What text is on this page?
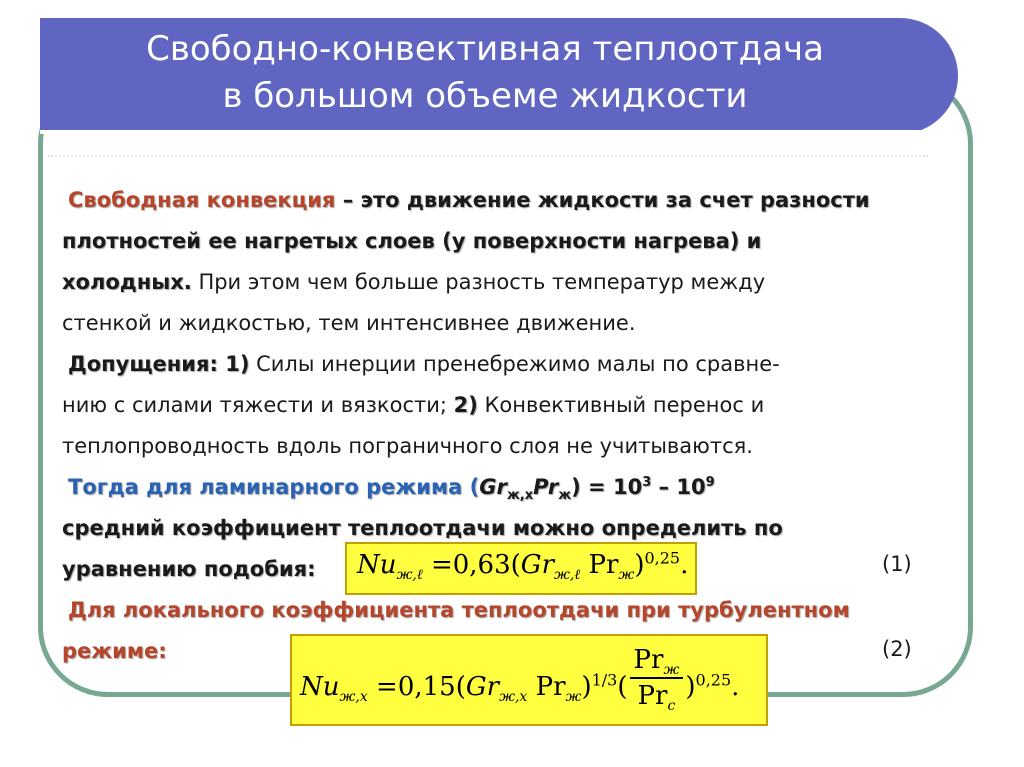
Свободно-конвективная теплоотдача
в большом объеме жидкости
Свободная конвекция – это движение жидкости за счет разности
плотностей ее нагретых слоев (у поверхности нагрева) и
холодных. При этом чем больше разность температур между
стенкой и жидкостью, тем интенсивнее движение.
Допущения: 1) Силы инерции пренебрежимо малы по сравне-
нию с силами тяжести и вязкости; 2) Конвективный перенос и
теплопроводность вдоль пограничного слоя не учитываются.
Тогда для ламинарного режима $(Gr_{ж,х}Pr_ж) = 10^3 - 10^9$
средний коэффициент теплоотдачи можно определить по
уравнению подобия:
Для локального коэффициента теплоотдачи при турбулентном
режиме:
$Nu_{ж,\ell} =0,63(Gr_{ж,\ell}$ $Pr_ж)^{0,25}$.	(1)
$Nu_{ж,x} =0,15(Gr_{ж,x}$ $Pr_ж)^{1/3}( \frac{Pr_ж}{Pr_c} )^{0,25}$.
(2)
